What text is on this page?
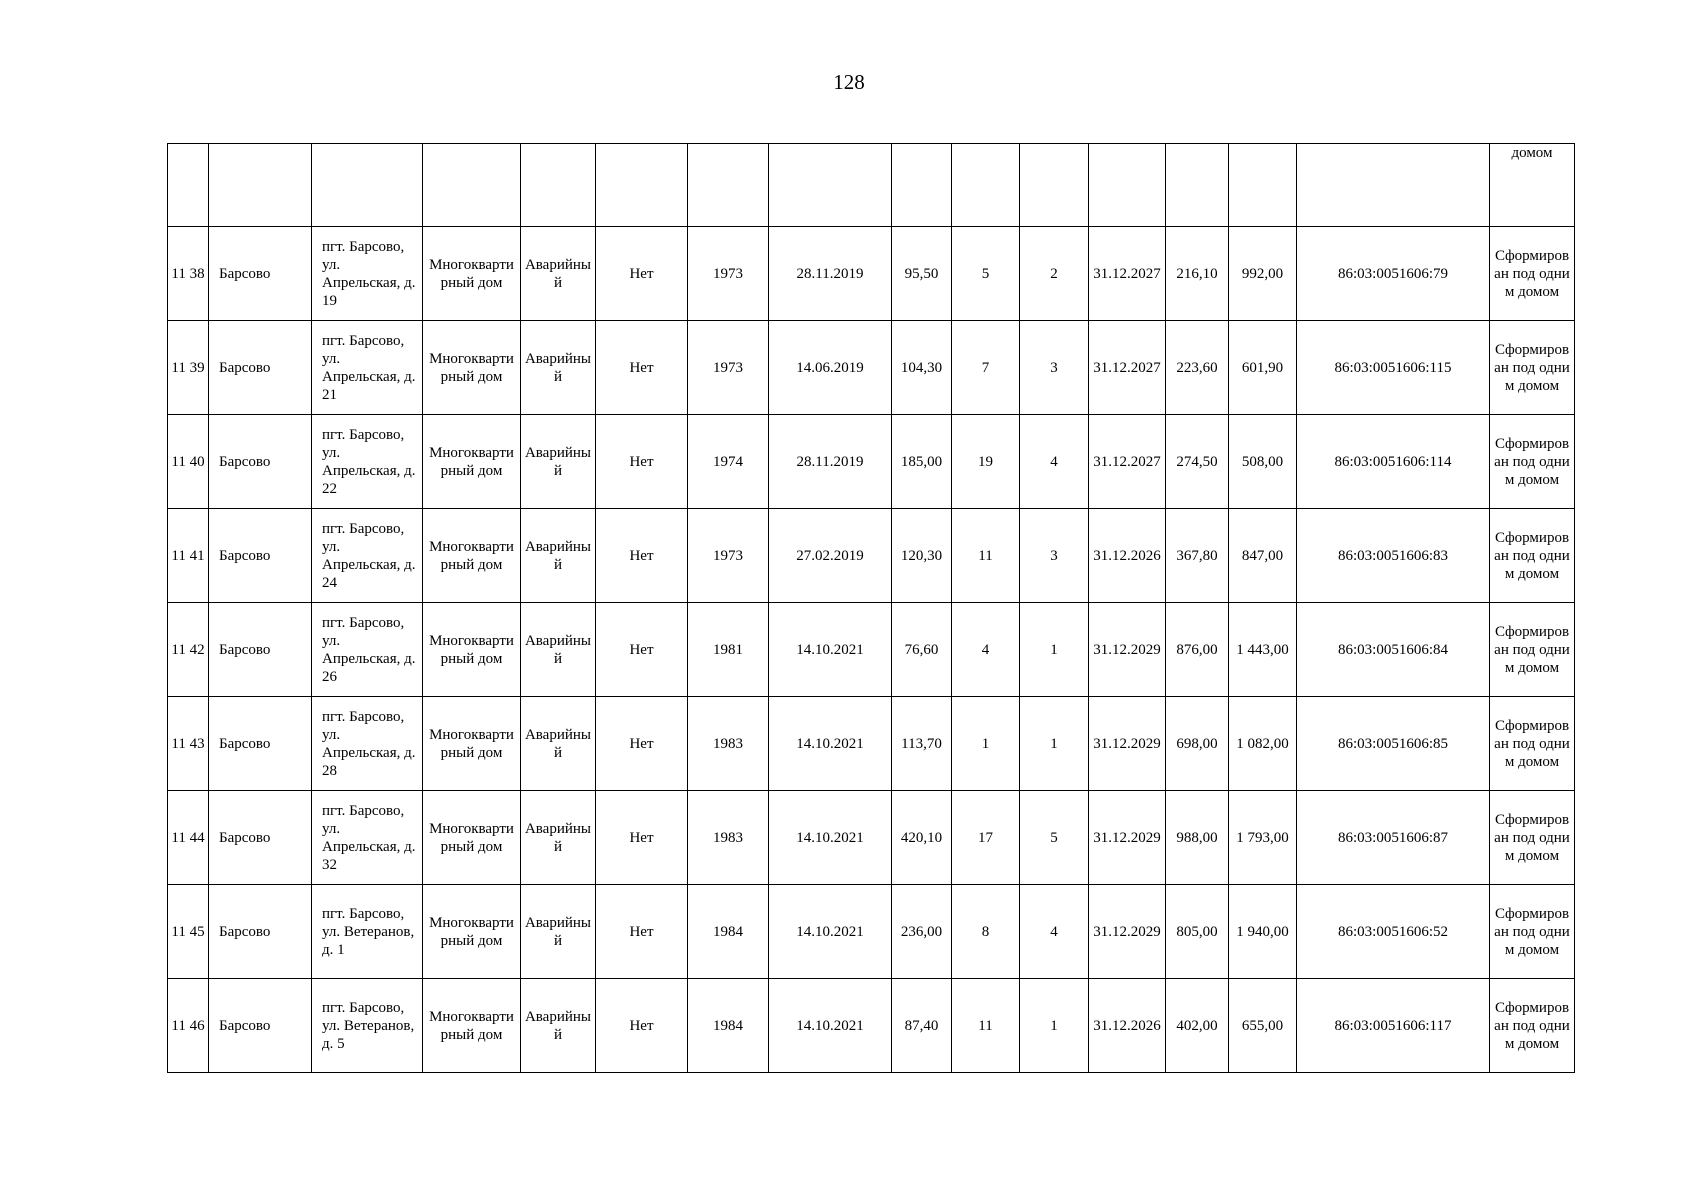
128
															домом
11 38	Барсово	пгт. Барсово, ул. Апрельская, д. 19	Многоквартирный дом	Аварийный	Нет	1973	28.11.2019	95,50	5	2	31.12.2027	216,10	992,00	86:03:0051606:79	Сформирован под одним домом
11 39	Барсово	пгт. Барсово, ул. Апрельская, д. 21	Многоквартирный дом	Аварийный	Нет	1973	14.06.2019	104,30	7	3	31.12.2027	223,60	601,90	86:03:0051606:115	Сформирован под одним домом
11 40	Барсово	пгт. Барсово, ул. Апрельская, д. 22	Многоквартирный дом	Аварийный	Нет	1974	28.11.2019	185,00	19	4	31.12.2027	274,50	508,00	86:03:0051606:114	Сформирован под одним домом
11 41	Барсово	пгт. Барсово, ул. Апрельская, д. 24	Многоквартирный дом	Аварийный	Нет	1973	27.02.2019	120,30	11	3	31.12.2026	367,80	847,00	86:03:0051606:83	Сформирован под одним домом
11 42	Барсово	пгт. Барсово, ул. Апрельская, д. 26	Многоквартирный дом	Аварийный	Нет	1981	14.10.2021	76,60	4	1	31.12.2029	876,00	1 443,00	86:03:0051606:84	Сформирован под одним домом
11 43	Барсово	пгт. Барсово, ул. Апрельская, д. 28	Многоквартирный дом	Аварийный	Нет	1983	14.10.2021	113,70	1	1	31.12.2029	698,00	1 082,00	86:03:0051606:85	Сформирован под одним домом
11 44	Барсово	пгт. Барсово, ул. Апрельская, д. 32	Многоквартирный дом	Аварийный	Нет	1983	14.10.2021	420,10	17	5	31.12.2029	988,00	1 793,00	86:03:0051606:87	Сформирован под одним домом
11 45	Барсово	пгт. Барсово, ул. Ветеранов, д. 1	Многоквартирный дом	Аварийный	Нет	1984	14.10.2021	236,00	8	4	31.12.2029	805,00	1 940,00	86:03:0051606:52	Сформирован под одним домом
11 46	Барсово	пгт. Барсово, ул. Ветеранов, д. 5	Многоквартирный дом	Аварийный	Нет	1984	14.10.2021	87,40	11	1	31.12.2026	402,00	655,00	86:03:0051606:117	Сформирован под одним домом
